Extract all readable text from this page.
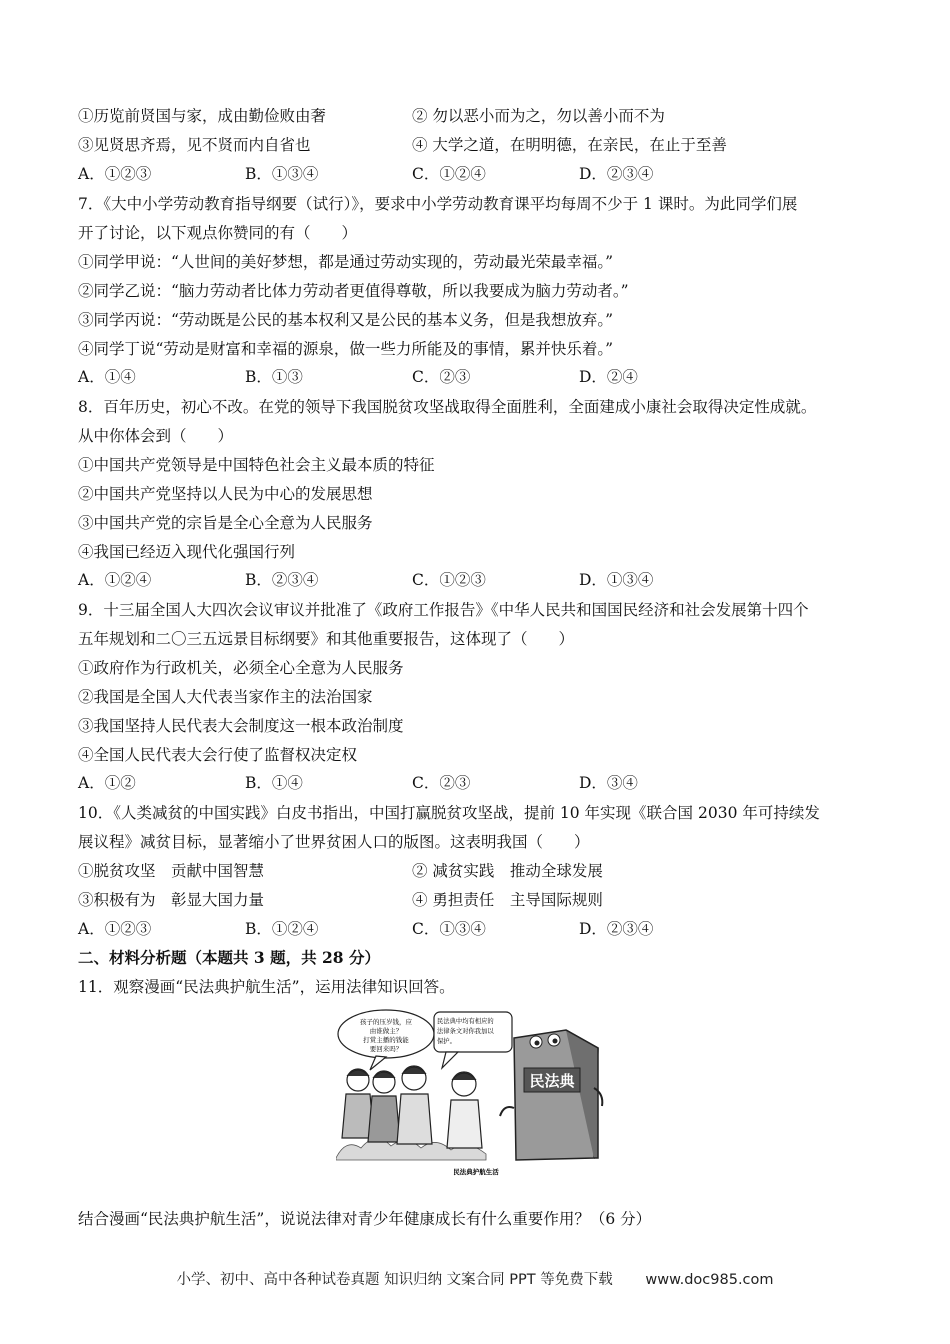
①历览前贤国与家，成由勤俭败由奢	② 勿以恶小而为之，勿以善小而不为
③见贤思齐焉，见不贤而内自省也	④ 大学之道，在明明德，在亲民，在止于至善
A．①②③	B．①③④	C．①②④	D．②③④
7．《大中小学劳动教育指导纲要（试行）》，要求中小学劳动教育课平均每周不少于 1 课时。为此同学们展
开了讨论，以下观点你赞同的有（　　）
①同学甲说：“人世间的美好梦想，都是通过劳动实现的，劳动最光荣最幸福。”
②同学乙说：“脑力劳动者比体力劳动者更值得尊敬，所以我要成为脑力劳动者。”
③同学丙说：“劳动既是公民的基本权利又是公民的基本义务，但是我想放弃。”
④同学丁说“劳动是财富和幸福的源泉，做一些力所能及的事情，累并快乐着。”
A．①④	B．①③	C．②③	D．②④
8．百年历史，初心不改。在党的领导下我国脱贫攻坚战取得全面胜利，全面建成小康社会取得决定性成就。
从中你体会到（　　）
①中国共产党领导是中国特色社会主义最本质的特征
②中国共产党坚持以人民为中心的发展思想
③中国共产党的宗旨是全心全意为人民服务
④我国已经迈入现代化强国行列
A．①②④	B．②③④	C．①②③	D．①③④
9．十三届全国人大四次会议审议并批准了《政府工作报告》《中华人民共和国国民经济和社会发展第十四个
五年规划和二〇三五远景目标纲要》和其他重要报告，这体现了（　　）
①政府作为行政机关，必须全心全意为人民服务
②我国是全国人大代表当家作主的法治国家
③我国坚持人民代表大会制度这一根本政治制度
④全国人民代表大会行使了监督权决定权
A．①②	B．①④	C．②③	D．③④
10．《人类减贫的中国实践》白皮书指出，中国打赢脱贫攻坚战，提前 10 年实现《联合国 2030 年可持续发
展议程》减贫目标，显著缩小了世界贫困人口的版图。这表明我国（　　）
①脱贫攻坚　贡献中国智慧	② 减贫实践　推动全球发展
③积极有为　彰显大国力量	④ 勇担责任　主导国际规则
A．①②③	B．①②④	C．①③④	D．②③④
二、材料分析题（本题共 3 题，共 28 分）
11．观察漫画“民法典护航生活”，运用法律知识回答。
孩子的压岁钱，应
由谁做主？
打赏主播的钱能
要回来吗？
民法典中均有相应的
法律条文对你我加以
保护。
民法典
民法典护航生活
结合漫画“民法典护航生活”，说说法律对青少年健康成长有什么重要作用？（6 分）
小学、初中、高中各种试卷真题 知识归纳 文案合同 PPT 等免费下载 www.doc985.com
